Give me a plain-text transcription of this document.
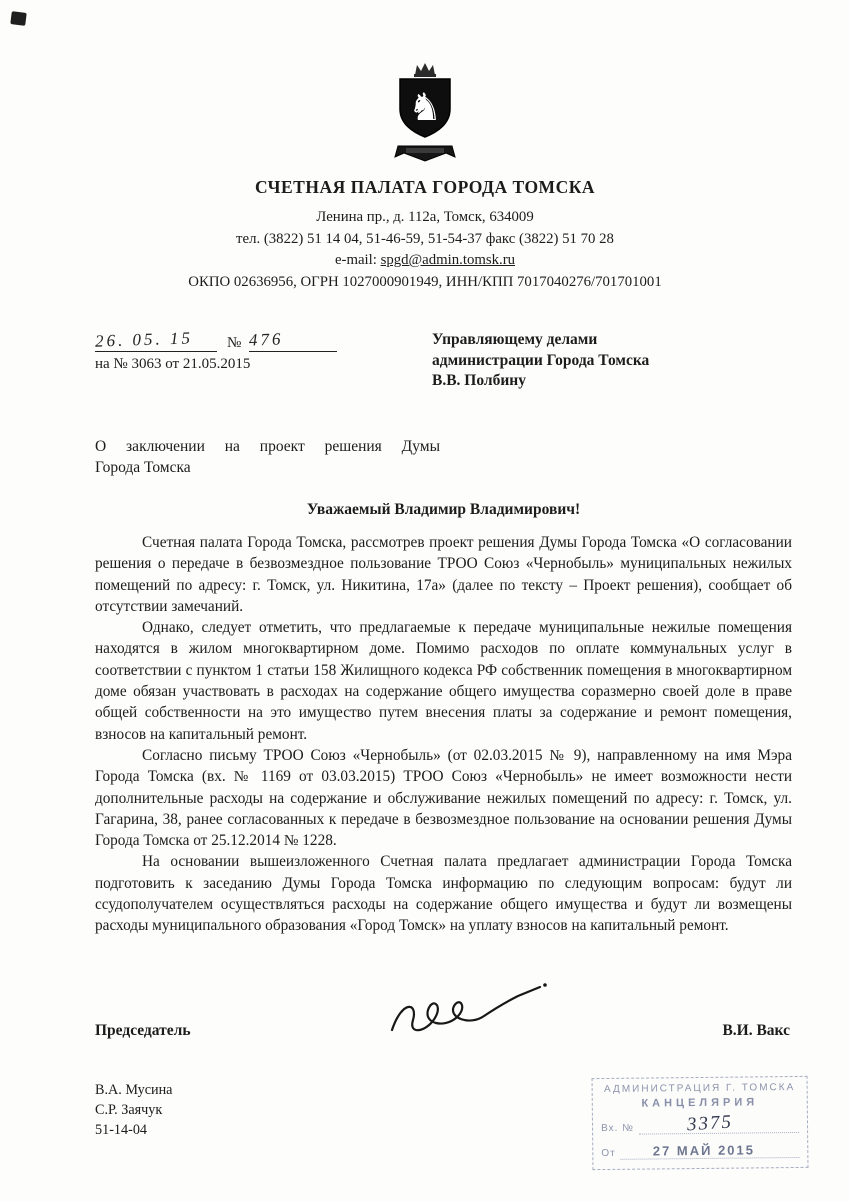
♞
СЧЕТНАЯ ПАЛАТА ГОРОДА ТОМСКА
Ленина пр., д. 112а, Томск, 634009
тел. (3822) 51 14 04, 51-46-59, 51-54-37 факс (3822) 51 70 28
e-mail: spgd@admin.tomsk.ru
ОКПО 02636956, ОГРН 1027000901949, ИНН/КПП 7017040276/701701001
26. 05. 15	№ 476
на № 3063 от 21.05.2015
Управляющему делами
администрации Города Томска
В.В. Полбину
О заключении на проект решения Думы
Города Томска
Уважаемый Владимир Владимирович!

Счетная палата Города Томска, рассмотрев проект решения Думы Города Томска «О согласовании решения о передаче в безвозмездное пользование ТРОО Союз «Чернобыль» муниципальных нежилых помещений по адресу: г. Томск, ул. Никитина, 17а» (далее по тексту – Проект решения), сообщает об отсутствии замечаний.

Однако, следует отметить, что предлагаемые к передаче муниципальные нежилые помещения находятся в жилом многоквартирном доме. Помимо расходов по оплате коммунальных услуг в соответствии с пунктом 1 статьи 158 Жилищного кодекса РФ собственник помещения в многоквартирном доме обязан участвовать в расходах на содержание общего имущества соразмерно своей доле в праве общей собственности на это имущество путем внесения платы за содержание и ремонт помещения, взносов на капитальный ремонт.

Согласно письму ТРОО Союз «Чернобыль» (от 02.03.2015 № 9), направленному на имя Мэра Города Томска (вх. № 1169 от 03.03.2015) ТРОО Союз «Чернобыль» не имеет возможности нести дополнительные расходы на содержание и обслуживание нежилых помещений по адресу: г. Томск, ул. Гагарина, 38, ранее согласованных к передаче в безвозмездное пользование на основании решения Думы Города Томска от 25.12.2014 № 1228.

На основании вышеизложенного Счетная палата предлагает администрации Города Томска подготовить к заседанию Думы Города Томска информацию по следующим вопросам: будут ли ссудополучателем осуществляться расходы на содержание общего имущества и будут ли возмещены расходы муниципального образования «Город Томск» на уплату взносов на капитальный ремонт.

Председатель	В.И. Вакс
В.А. Мусина
С.Р. Заячук
51-14-04
АДМИНИСТРАЦИЯ Г. ТОМСКА
КАНЦЕЛЯРИЯ
Вх. №	3375
От	27 МАЙ 2015
